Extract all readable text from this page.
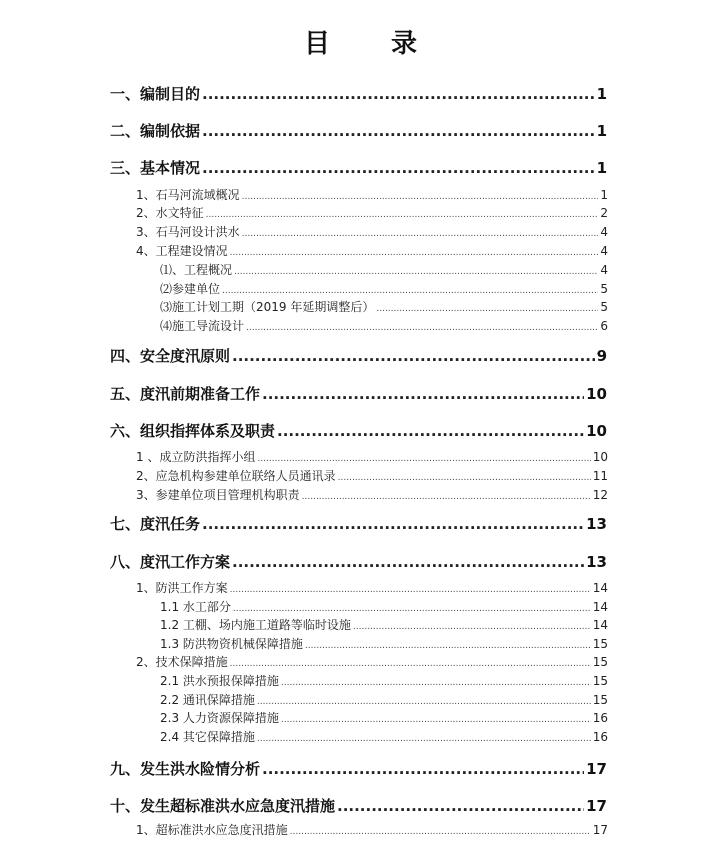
目 录
一、编制目的 .....	1
二、编制依据 .....	1
三、基本情况 .....	1
1、石马河流域概况 .....	1
2、水文特征 .....	2
3、石马河设计洪水 .....	4
4、工程建设情况 .....	4
⑴、工程概况 .....	4
⑵参建单位 .....	5
⑶施工计划工期（2019 年延期调整后） .....	5
⑷施工导流设计 .....	6
四、安全度汛原则 .....	9
五、度汛前期准备工作 .....	10
六、组织指挥体系及职责 .....	10
1 、成立防洪指挥小组 .....	10
2、应急机构参建单位联络人员通讯录 .....	11
3、参建单位项目管理机构职责 .....	12
七、度汛任务 .....	13
八、度汛工作方案 .....	13
1、防洪工作方案 .....	14
1.1 水工部分 .....	14
1.2 工棚、场内施工道路等临时设施 .....	14
1.3 防洪物资机械保障措施 .....	15
2、技术保障措施 .....	15
2.1 洪水预报保障措施 .....	15
2.2 通讯保障措施 .....	15
2.3 人力资源保障措施 .....	16
2.4 其它保障措施 .....	16
九、发生洪水险情分析 .....	17
十、发生超标准洪水应急度汛措施 .....	17
1、超标准洪水应急度汛措施 .....	17
